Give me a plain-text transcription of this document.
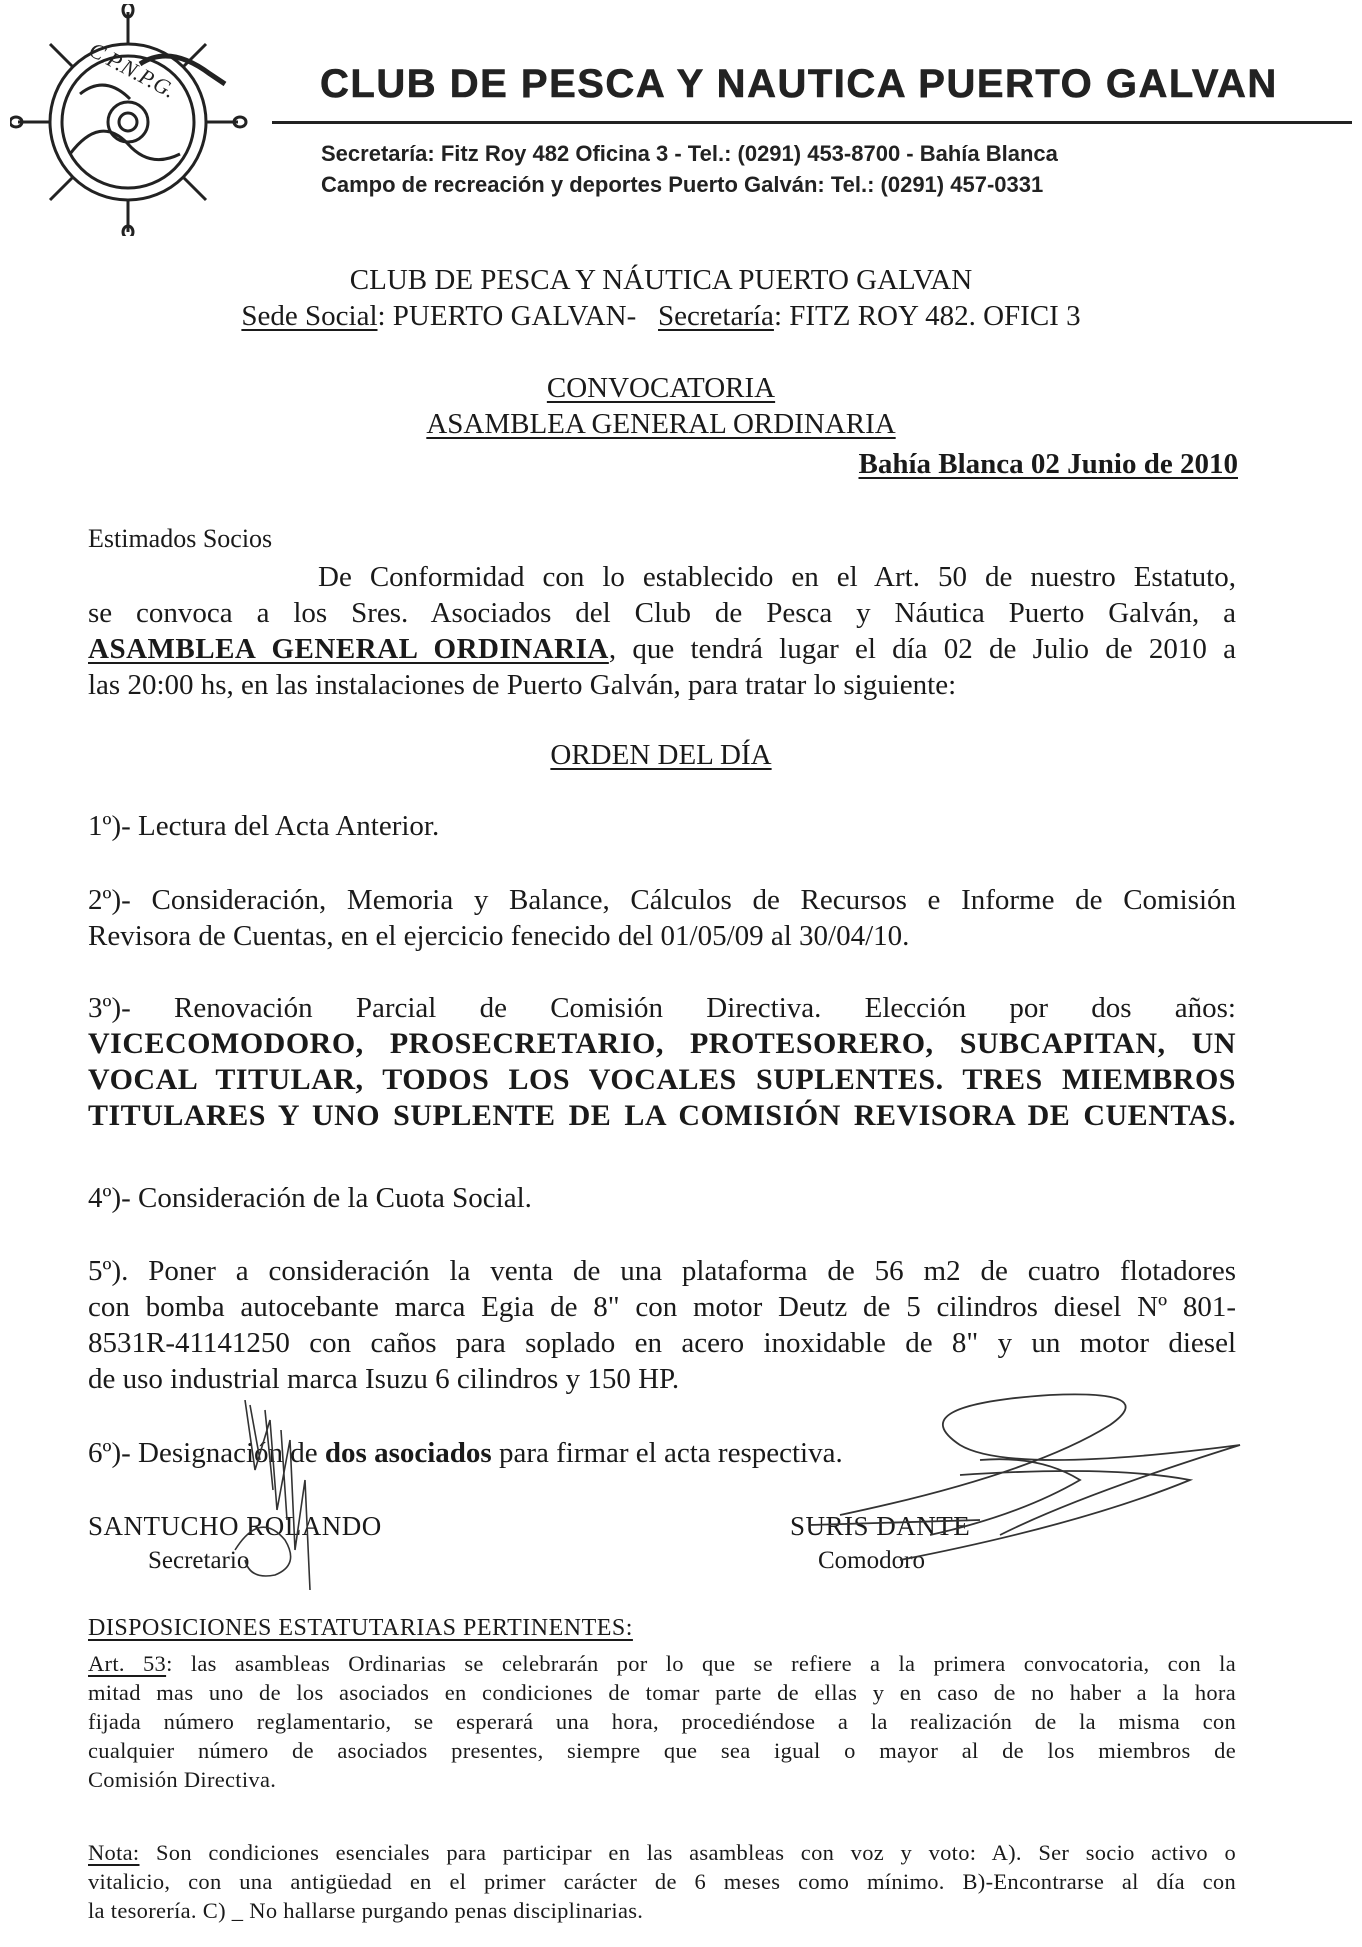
C.P.N.P.G.	CLUB DE PESCA Y NAUTICA PUERTO GALVAN
Secretaría: Fitz Roy 482 Oficina 3 - Tel.: (0291) 453-8700 - Bahía Blanca
Campo de recreación y deportes Puerto Galván: Tel.: (0291) 457-0331
CLUB DE PESCA Y NÁUTICA PUERTO GALVAN
Sede Social: PUERTO GALVAN- Secretaría: FITZ ROY 482. OFICI 3
CONVOCATORIA
ASAMBLEA GENERAL ORDINARIA
Bahía Blanca 02 Junio de 2010
Estimados Socios
De Conformidad con lo establecido en el Art. 50 de nuestro Estatuto,
se convoca a los Sres. Asociados del Club de Pesca y Náutica Puerto Galván, a
ASAMBLEA GENERAL ORDINARIA, que tendrá lugar el día 02 de Julio de 2010 a
las 20:00 hs, en las instalaciones de Puerto Galván, para tratar lo siguiente:
ORDEN DEL DÍA
1º)- Lectura del Acta Anterior.
2º)- Consideración, Memoria y Balance, Cálculos de Recursos e Informe de Comisión
Revisora de Cuentas, en el ejercicio fenecido del 01/05/09 al 30/04/10.
3º)- Renovación Parcial de Comisión Directiva. Elección por dos años:
VICECOMODORO, PROSECRETARIO, PROTESORERO, SUBCAPITAN, UN
VOCAL TITULAR, TODOS LOS VOCALES SUPLENTES. TRES MIEMBROS
TITULARES Y UNO SUPLENTE DE LA COMISIÓN REVISORA DE CUENTAS.
4º)- Consideración de la Cuota Social.
5º). Poner a consideración la venta de una plataforma de 56 m2 de cuatro flotadores
con bomba autocebante marca Egia de 8" con motor Deutz de 5 cilindros diesel Nº 801-
8531R-41141250 con caños para soplado en acero inoxidable de 8" y un motor diesel
de uso industrial marca Isuzu 6 cilindros y 150 HP.
6º)- Designación de dos asociados para firmar el acta respectiva.
SANTUCHO ROLANDO
Secretario
SURIS DANTE
Comodoro
DISPOSICIONES ESTATUTARIAS PERTINENTES:
Art. 53: las asambleas Ordinarias se celebrarán por lo que se refiere a la primera convocatoria, con la
mitad mas uno de los asociados en condiciones de tomar parte de ellas y en caso de no haber a la hora
fijada número reglamentario, se esperará una hora, procediéndose a la realización de la misma con
cualquier número de asociados presentes, siempre que sea igual o mayor al de los miembros de
Comisión Directiva.
Nota: Son condiciones esenciales para participar en las asambleas con voz y voto: A). Ser socio activo o
vitalicio, con una antigüedad en el primer carácter de 6 meses como mínimo. B)-Encontrarse al día con
la tesorería. C) _ No hallarse purgando penas disciplinarias.
